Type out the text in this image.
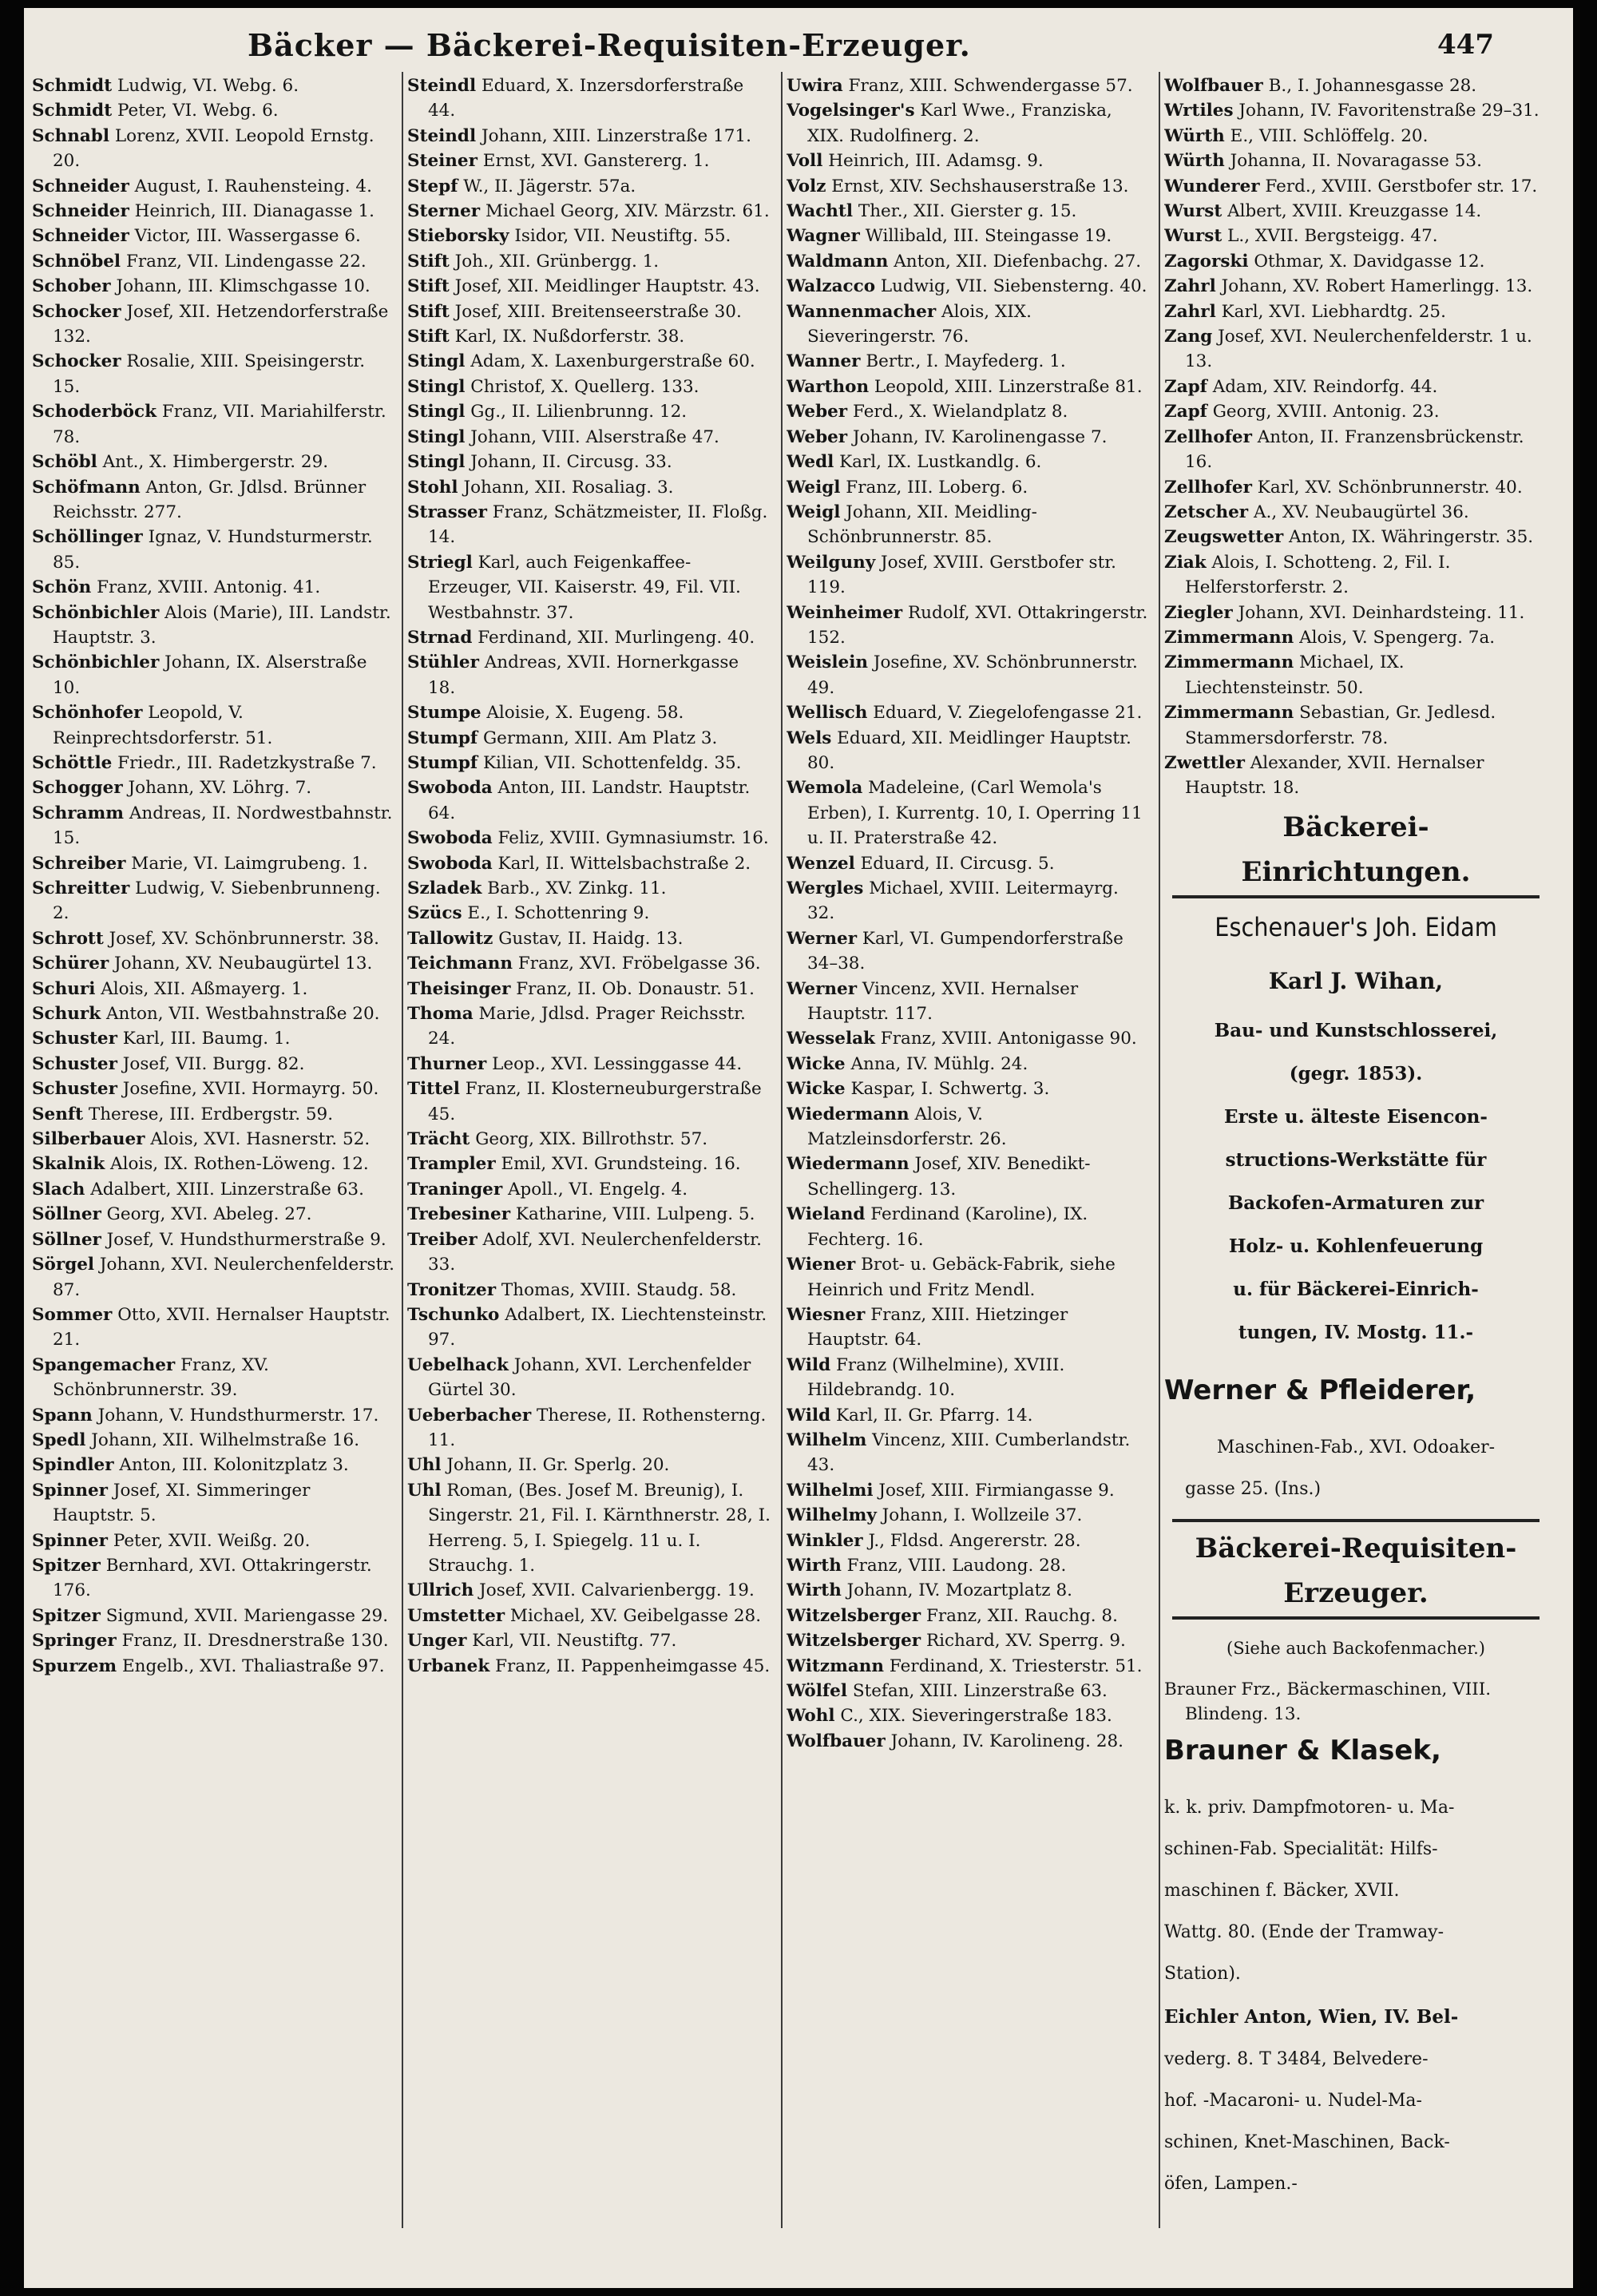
Bäcker — Bäckerei-Requisiten-Erzeuger.	447

Schmidt Ludwig, VI. Webg. 6.

Schmidt Peter, VI. Webg. 6.

Schnabl Lorenz, XVII. Leopold Ernstg. 20.

Schneider August, I. Rauhensteing. 4.

Schneider Heinrich, III. Dianagasse 1.

Schneider Victor, III. Wassergasse 6.

Schnöbel Franz, VII. Lindengasse 22.

Schober Johann, III. Klimschgasse 10.

Schocker Josef, XII. Hetzendorferstraße 132.

Schocker Rosalie, XIII. Speisingerstr. 15.

Schoderböck Franz, VII. Mariahilferstr. 78.

Schöbl Ant., X. Himbergerstr. 29.

Schöfmann Anton, Gr. Jdlsd. Brünner Reichsstr. 277.

Schöllinger Ignaz, V. Hundsturmerstr. 85.

Schön Franz, XVIII. Antonig. 41.

Schönbichler Alois (Marie), III. Landstr. Hauptstr. 3.

Schönbichler Johann, IX. Alserstraße 10.

Schönhofer Leopold, V. Reinprechtsdorferstr. 51.

Schöttle Friedr., III. Radetzkystraße 7.

Schogger Johann, XV. Löhrg. 7.

Schramm Andreas, II. Nordwestbahnstr. 15.

Schreiber Marie, VI. Laimgrubeng. 1.

Schreitter Ludwig, V. Siebenbrunneng. 2.

Schrott Josef, XV. Schönbrunnerstr. 38.

Schürer Johann, XV. Neubaugürtel 13.

Schuri Alois, XII. Aßmayerg. 1.

Schurk Anton, VII. Westbahnstraße 20.

Schuster Karl, III. Baumg. 1.

Schuster Josef, VII. Burgg. 82.

Schuster Josefine, XVII. Hormayrg. 50.

Senft Therese, III. Erdbergstr. 59.

Silberbauer Alois, XVI. Hasnerstr. 52.

Skalnik Alois, IX. Rothen-Löweng. 12.

Slach Adalbert, XIII. Linzerstraße 63.

Söllner Georg, XVI. Abeleg. 27.

Söllner Josef, V. Hundsthurmerstraße 9.

Sörgel Johann, XVI. Neulerchenfelderstr. 87.

Sommer Otto, XVII. Hernalser Hauptstr. 21.

Spangemacher Franz, XV. Schönbrunnerstr. 39.

Spann Johann, V. Hundsthurmerstr. 17.

Spedl Johann, XII. Wilhelmstraße 16.

Spindler Anton, III. Kolonitzplatz 3.

Spinner Josef, XI. Simmeringer Hauptstr. 5.

Spinner Peter, XVII. Weißg. 20.

Spitzer Bernhard, XVI. Ottakringerstr. 176.

Spitzer Sigmund, XVII. Mariengasse 29.

Springer Franz, II. Dresdnerstraße 130.

Spurzem Engelb., XVI. Thaliastraße 97.

Steindl Eduard, X. Inzersdorferstraße 44.

Steindl Johann, XIII. Linzerstraße 171.

Steiner Ernst, XVI. Ganstererg. 1.

Stepf W., II. Jägerstr. 57a.

Sterner Michael Georg, XIV. Märzstr. 61.

Stieborsky Isidor, VII. Neustiftg. 55.

Stift Joh., XII. Grünbergg. 1.

Stift Josef, XII. Meidlinger Hauptstr. 43.

Stift Josef, XIII. Breitenseerstraße 30.

Stift Karl, IX. Nußdorferstr. 38.

Stingl Adam, X. Laxenburgerstraße 60.

Stingl Christof, X. Quellerg. 133.

Stingl Gg., II. Lilienbrunng. 12.

Stingl Johann, VIII. Alserstraße 47.

Stingl Johann, II. Circusg. 33.

Stohl Johann, XII. Rosaliag. 3.

Strasser Franz, Schätzmeister, II. Floßg. 14.

Striegl Karl, auch Feigenkaffee-Erzeuger, VII. Kaiserstr. 49, Fil. VII. Westbahnstr. 37.

Strnad Ferdinand, XII. Murlingeng. 40.

Stühler Andreas, XVII. Hornerkgasse 18.

Stumpe Aloisie, X. Eugeng. 58.

Stumpf Germann, XIII. Am Platz 3.

Stumpf Kilian, VII. Schottenfeldg. 35.

Swoboda Anton, III. Landstr. Hauptstr. 64.

Swoboda Feliz, XVIII. Gymnasiumstr. 16.

Swoboda Karl, II. Wittelsbachstraße 2.

Szladek Barb., XV. Zinkg. 11.

Szücs E., I. Schottenring 9.

Tallowitz Gustav, II. Haidg. 13.

Teichmann Franz, XVI. Fröbelgasse 36.

Theisinger Franz, II. Ob. Donaustr. 51.

Thoma Marie, Jdlsd. Prager Reichsstr. 24.

Thurner Leop., XVI. Lessinggasse 44.

Tittel Franz, II. Klosterneuburgerstraße 45.

Trächt Georg, XIX. Billrothstr. 57.

Trampler Emil, XVI. Grundsteing. 16.

Traninger Apoll., VI. Engelg. 4.

Trebesiner Katharine, VIII. Lulpeng. 5.

Treiber Adolf, XVI. Neulerchenfelderstr. 33.

Tronitzer Thomas, XVIII. Staudg. 58.

Tschunko Adalbert, IX. Liechtensteinstr. 97.

Uebelhack Johann, XVI. Lerchenfelder Gürtel 30.

Ueberbacher Therese, II. Rothensterng. 11.

Uhl Johann, II. Gr. Sperlg. 20.

Uhl Roman, (Bes. Josef M. Breunig), I. Singerstr. 21, Fil. I. Kärnthnerstr. 28, I. Herreng. 5, I. Spiegelg. 11 u. I. Strauchg. 1.

Ullrich Josef, XVII. Calvarienbergg. 19.

Umstetter Michael, XV. Geibelgasse 28.

Unger Karl, VII. Neustiftg. 77.

Urbanek Franz, II. Pappenheimgasse 45.

Uwira Franz, XIII. Schwendergasse 57.

Vogelsinger's Karl Wwe., Franziska, XIX. Rudolfinerg. 2.

Voll Heinrich, III. Adamsg. 9.

Volz Ernst, XIV. Sechshauserstraße 13.

Wachtl Ther., XII. Gierster g. 15.

Wagner Willibald, III. Steingasse 19.

Waldmann Anton, XII. Diefenbachg. 27.

Walzacco Ludwig, VII. Siebensterng. 40.

Wannenmacher Alois, XIX. Sieveringerstr. 76.

Wanner Bertr., I. Mayfederg. 1.

Warthon Leopold, XIII. Linzerstraße 81.

Weber Ferd., X. Wielandplatz 8.

Weber Johann, IV. Karolinengasse 7.

Wedl Karl, IX. Lustkandlg. 6.

Weigl Franz, III. Loberg. 6.

Weigl Johann, XII. Meidling-Schönbrunnerstr. 85.

Weilguny Josef, XVIII. Gerstbofer str. 119.

Weinheimer Rudolf, XVI. Ottakringerstr. 152.

Weislein Josefine, XV. Schönbrunnerstr. 49.

Wellisch Eduard, V. Ziegelofengasse 21.

Wels Eduard, XII. Meidlinger Hauptstr. 80.

Wemola Madeleine, (Carl Wemola's Erben), I. Kurrentg. 10, I. Operring 11 u. II. Praterstraße 42.

Wenzel Eduard, II. Circusg. 5.

Wergles Michael, XVIII. Leitermayrg. 32.

Werner Karl, VI. Gumpendorferstraße 34–38.

Werner Vincenz, XVII. Hernalser Hauptstr. 117.

Wesselak Franz, XVIII. Antonigasse 90.

Wicke Anna, IV. Mühlg. 24.

Wicke Kaspar, I. Schwertg. 3.

Wiedermann Alois, V. Matzleinsdorferstr. 26.

Wiedermann Josef, XIV. Benedikt-Schellingerg. 13.

Wieland Ferdinand (Karoline), IX. Fechterg. 16.

Wiener Brot- u. Gebäck-Fabrik, siehe Heinrich und Fritz Mendl.

Wiesner Franz, XIII. Hietzinger Hauptstr. 64.

Wild Franz (Wilhelmine), XVIII. Hildebrandg. 10.

Wild Karl, II. Gr. Pfarrg. 14.

Wilhelm Vincenz, XIII. Cumberlandstr. 43.

Wilhelmi Josef, XIII. Firmiangasse 9.

Wilhelmy Johann, I. Wollzeile 37.

Winkler J., Fldsd. Angererstr. 28.

Wirth Franz, VIII. Laudong. 28.

Wirth Johann, IV. Mozartplatz 8.

Witzelsberger Franz, XII. Rauchg. 8.

Witzelsberger Richard, XV. Sperrg. 9.

Witzmann Ferdinand, X. Triesterstr. 51.

Wölfel Stefan, XIII. Linzerstraße 63.

Wohl C., XIX. Sieveringerstraße 183.

Wolfbauer Johann, IV. Karolineng. 28.

Wolfbauer B., I. Johannesgasse 28.

Wrtiles Johann, IV. Favoritenstraße 29–31.

Würth E., VIII. Schlöffelg. 20.

Würth Johanna, II. Novaragasse 53.

Wunderer Ferd., XVIII. Gerstbofer str. 17.

Wurst Albert, XVIII. Kreuzgasse 14.

Wurst L., XVII. Bergsteigg. 47.

Zagorski Othmar, X. Davidgasse 12.

Zahrl Johann, XV. Robert Hamerlingg. 13.

Zahrl Karl, XVI. Liebhardtg. 25.

Zang Josef, XVI. Neulerchenfelderstr. 1 u. 13.

Zapf Adam, XIV. Reindorfg. 44.

Zapf Georg, XVIII. Antonig. 23.

Zellhofer Anton, II. Franzensbrückenstr. 16.

Zellhofer Karl, XV. Schönbrunnerstr. 40.

Zetscher A., XV. Neubaugürtel 36.

Zeugswetter Anton, IX. Währingerstr. 35.

Ziak Alois, I. Schotteng. 2, Fil. I. Helferstorferstr. 2.

Ziegler Johann, XVI. Deinhardsteing. 11.

Zimmermann Alois, V. Spengerg. 7a.

Zimmermann Michael, IX. Liechtensteinstr. 50.

Zimmermann Sebastian, Gr. Jedlesd. Stammersdorferstr. 78.

Zwettler Alexander, XVII. Hernalser Hauptstr. 18.

Bäckerei-

Einrichtungen.

Eschenauer's Joh. Eidam

Karl J. Wihan,

Bau- und Kunstschlosserei,

(gegr. 1853).

Erste u. älteste Eisencon-

structions-Werkstätte für

Backofen-Armaturen zur

Holz- u. Kohlenfeuerung

u. für Bäckerei-Einrich-

tungen, IV. Mostg. 11.-

Werner & Pfleiderer,

Maschinen-Fab., XVI. Odoaker-

gasse 25. (Ins.)

Bäckerei-Requisiten-

Erzeuger.

(Siehe auch Backofenmacher.)

Brauner Frz., Bäckermaschinen, VIII. Blindeng. 13.

Brauner & Klasek,

k. k. priv. Dampfmotoren- u. Ma-

schinen-Fab. Specialität: Hilfs-

maschinen f. Bäcker, XVII.

Wattg. 80. (Ende der Tramway-

Station).

Eichler Anton, Wien, IV. Bel-

vederg. 8. T 3484, Belvedere-

hof. -Macaroni- u. Nudel-Ma-

schinen, Knet-Maschinen, Back-

öfen, Lampen.-
